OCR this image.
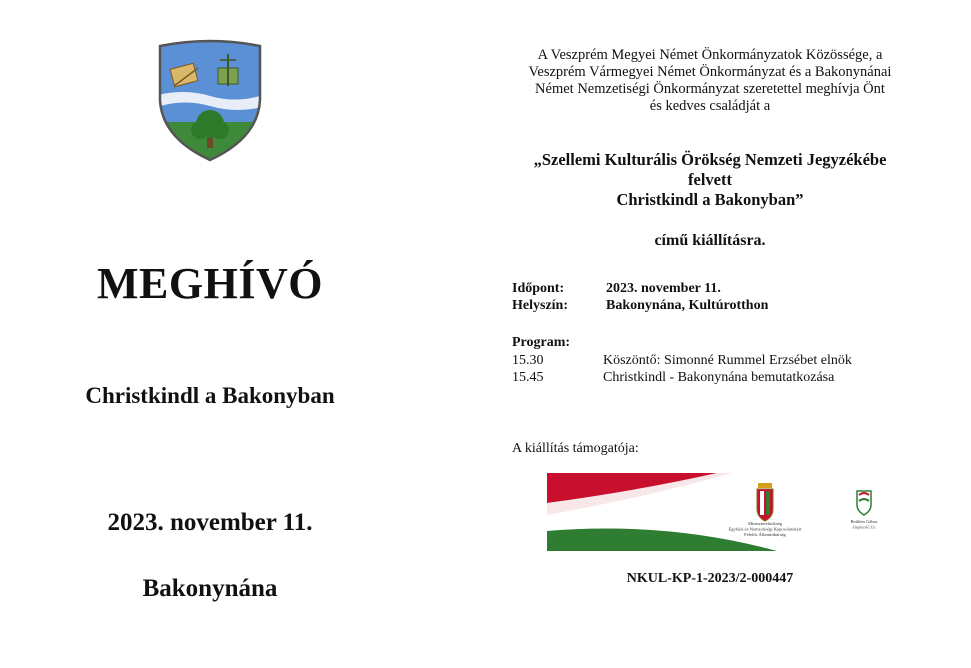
MEGHÍVÓ
Christkindl a Bakonyban
2023. november 11.
Bakonynána
A Veszprém Megyei Német Önkormányzatok Közössége, a
Veszprém Vármegyei Német Önkormányzat és a Bakonynánai
Német Nemzetiségi Önkormányzat szeretettel meghívja Önt
és kedves családját a
„Szellemi Kulturális Örökség Nemzeti Jegyzékébe
felvett
Christkindl a Bakonyban”
című kiállításra.
Időpont:	2023. november 11.
Helyszín:	Bakonynána, Kultúrotthon
Program:
15.30	Köszöntő: Simonné Rummel Erzsébet elnök
15.45	Christkindl - Bakonynána bemutatkozása
A kiállítás támogatója:
Miniszterelnökség
Egyházi és Nemzetiségi Kapcsolatokért
Felelős Államtitkárság
Bethlen Gábor
Alapkezelő Zrt.
NKUL-KP-1-2023/2-000447
